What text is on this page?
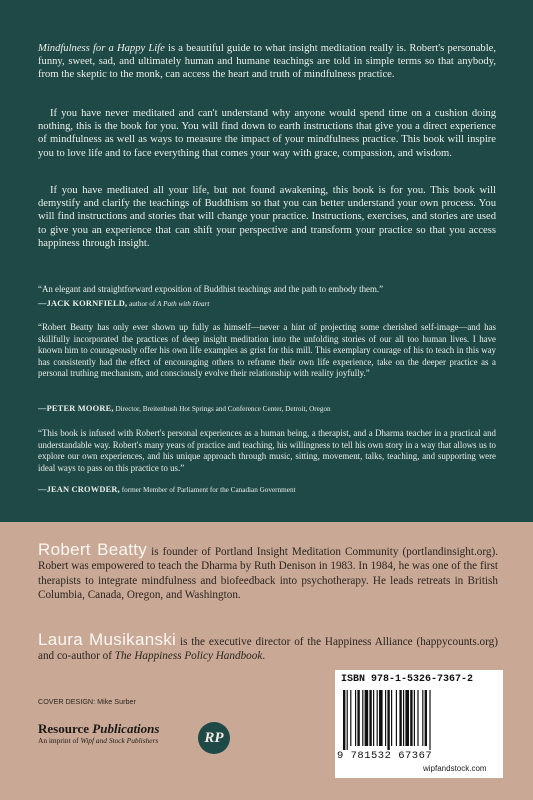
Mindfulness for a Happy Life is a beautiful guide to what insight meditation really is. Robert's personable, funny, sweet, sad, and ultimately human and humane teachings are told in simple terms so that anybody, from the skeptic to the monk, can access the heart and truth of mindfulness practice.

If you have never meditated and can't understand why anyone would spend time on a cushion doing nothing, this is the book for you. You will find down to earth instructions that give you a direct experience of mindfulness as well as ways to measure the impact of your mindfulness practice. This book will inspire you to love life and to face everything that comes your way with grace, compassion, and wisdom.

If you have meditated all your life, but not found awakening, this book is for you. This book will demystify and clarify the teachings of Buddhism so that you can better understand your own process. You will find instructions and stories that will change your practice. Instructions, exercises, and stories are used to give you an experience that can shift your perspective and transform your practice so that you access happiness through insight.

“An elegant and straightforward exposition of Buddhist teachings and the path to embody them.”

—JACK KORNFIELD, author of A Path with Heart

“Robert Beatty has only ever shown up fully as himself—never a hint of projecting some cherished self-image—and has skillfully incorporated the practices of deep insight meditation into the unfolding stories of our all too human lives. I have known him to courageously offer his own life examples as grist for this mill. This exemplary courage of his to teach in this way has consistently had the effect of encouraging others to reframe their own life experience, take on the deeper practice as a personal truthing mechanism, and consciously evolve their relationship with reality joyfully.”

—PETER MOORE, Director, Breitenbush Hot Springs and Conference Center, Detroit, Oregon

“This book is infused with Robert's personal experiences as a human being, a therapist, and a Dharma teacher in a practical and understandable way. Robert's many years of practice and teaching, his willingness to tell his own story in a way that allows us to explore our own experiences, and his unique approach through music, sitting, movement, talks, teaching, and supporting were ideal ways to pass on this practice to us.”

—JEAN CROWDER, former Member of Parliament for the Canadian Government

Robert Beatty is founder of Portland Insight Meditation Community (portlandinsight.org). Robert was empowered to teach the Dharma by Ruth Denison in 1983. In 1984, he was one of the first therapists to integrate mindfulness and biofeedback into psychotherapy. He leads retreats in British Columbia, Canada, Oregon, and Washington.

Laura Musikanski is the executive director of the Happiness Alliance (happycounts.org) and co-author of The Happiness Policy Handbook.

COVER DESIGN: Mike Surber
Resource Publications
An imprint of Wipf and Stock Publishers	RP
ISBN 978-1-5326-7367-2
9 781532 67367
wipfandstock.com
